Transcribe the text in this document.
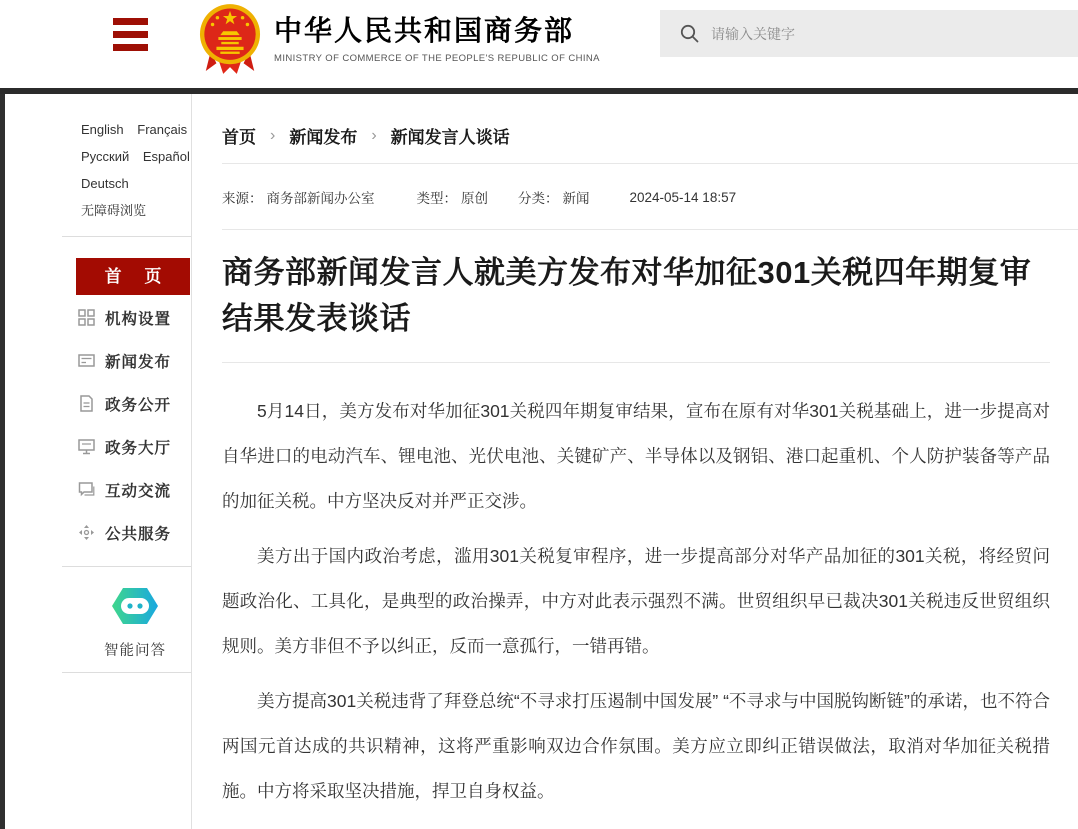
中华人民共和国商务部
MINISTRY OF COMMERCE OF THE PEOPLE'S REPUBLIC OF CHINA
请输入关键字
English Français
Русский Español
Deutsch
无障碍浏览
首 页
机构设置
新闻发布
政务公开
政务大厅
互动交流
公共服务
智能问答
首页 › 新闻发布 › 新闻发言人谈话
来源： 商务部新闻办公室	类型： 原创 分类： 新闻	2024-05-14 18:57
商务部新闻发言人就美方发布对华加征301关税四年期复审结果发表谈话

5月14日，美方发布对华加征301关税四年期复审结果，宣布在原有对华301关税基础上，进一步提高对自华进口的电动汽车、锂电池、光伏电池、关键矿产、半导体以及钢铝、港口起重机、个人防护装备等产品的加征关税。中方坚决反对并严正交涉。

美方出于国内政治考虑，滥用301关税复审程序，进一步提高部分对华产品加征的301关税，将经贸问题政治化、工具化，是典型的政治操弄，中方对此表示强烈不满。世贸组织早已裁决301关税违反世贸组织规则。美方非但不予以纠正，反而一意孤行，一错再错。

美方提高301关税违背了拜登总统“不寻求打压遏制中国发展” “不寻求与中国脱钩断链”的承诺，也不符合两国元首达成的共识精神，这将严重影响双边合作氛围。美方应立即纠正错误做法，取消对华加征关税措施。中方将采取坚决措施，捍卫自身权益。
